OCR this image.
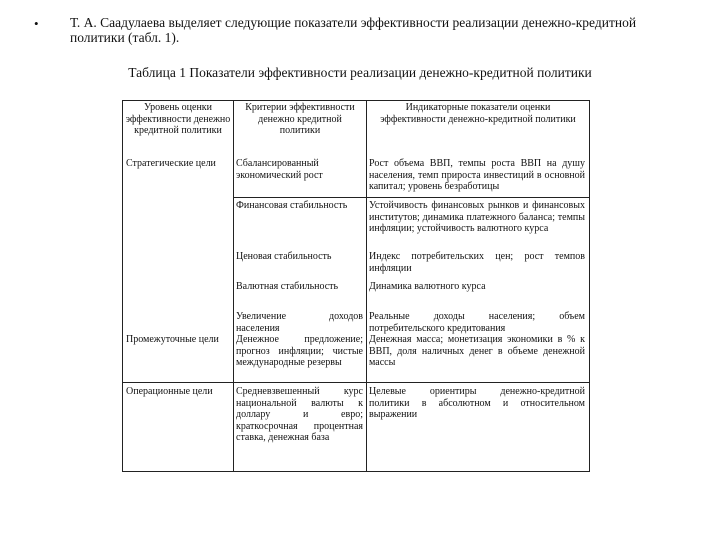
• Т. А. Саадулаева выделяет следующие показатели эффективности реализации денежно-кредитной политики (табл. 1).
Таблица 1 Показатели эффективности реализации денежно-кредитной политики
Уровень оценки эффективности денежно кредитной политики
Критерии эффективности денежно кредитной политики
Индикаторные показатели оценки эффективности денежно-кредитной политики
Стратегические цели
Промежуточные цели
Операционные цели
Сбалансированный экономический рост
Финансовая стабильность
Ценовая стабильность
Валютная стабильность
Увеличение доходов населения
Денежное предложение; прогноз инфляции; чистые международные резервы
Средневзвешенный курс национальной валюты к доллару и евро; краткосрочная процентная ставка, денежная база
Рост объема ВВП, темпы роста ВВП на душу населения, темп прироста инвестиций в основной капитал; уровень безработицы
Устойчивость финансовых рынков и финансовых институтов; динамика платежного баланса; темпы инфляции; устойчивость валютного курса
Индекс потребительских цен; рост темпов инфляции
Динамика валютного курса
Реальные доходы населения; объем потребительского кредитования
Денежная масса; монетизация экономики в % к ВВП, доля наличных денег в объеме денежной массы
Целевые ориентиры денежно-кредитной политики в абсолютном и относительном выражении
